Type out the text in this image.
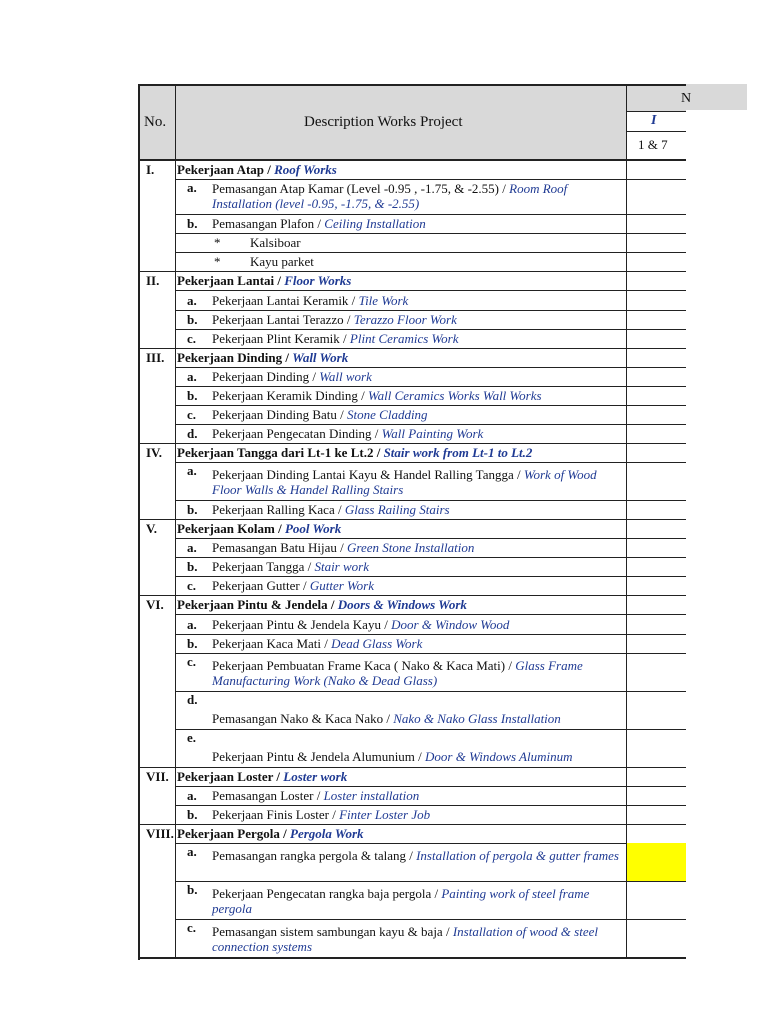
I. Pekerjaan Atap / Roof Works
a. Pemasangan Atap Kamar (Level -0.95 , -1.75, & -2.55) / Room Roof Installation (level -0.95, -1.75, & -2.55)
b. Pemasangan Plafon / Ceiling Installation
* Kalsiboar
* Kayu parket
II. Pekerjaan Lantai / Floor Works
a. Pekerjaan Lantai Keramik / Tile Work
b. Pekerjaan Lantai Terazzo / Terazzo Floor Work
c. Pekerjaan Plint Keramik / Plint Ceramics Work
III. Pekerjaan Dinding / Wall Work
a. Pekerjaan Dinding / Wall work
b. Pekerjaan Keramik Dinding / Wall Ceramics Works Wall Works
c. Pekerjaan Dinding Batu / Stone Cladding
d. Pekerjaan Pengecatan Dinding / Wall Painting Work
IV. Pekerjaan Tangga dari Lt-1 ke Lt.2 / Stair work from Lt-1 to Lt.2
a. Pekerjaan Dinding Lantai Kayu & Handel Ralling Tangga / Work of Wood Floor Walls & Handel Ralling Stairs
b. Pekerjaan Ralling Kaca / Glass Railing Stairs
V. Pekerjaan Kolam / Pool Work
a. Pemasangan Batu Hijau / Green Stone Installation
b. Pekerjaan Tangga / Stair work
c. Pekerjaan Gutter / Gutter Work
VI. Pekerjaan Pintu & Jendela / Doors & Windows Work
a. Pekerjaan Pintu & Jendela Kayu / Door & Window Wood
b. Pekerjaan Kaca Mati / Dead Glass Work
c. Pekerjaan Pembuatan Frame Kaca ( Nako & Kaca Mati) / Glass Frame Manufacturing Work (Nako & Dead Glass)
d.
Pemasangan Nako & Kaca Nako / Nako & Nako Glass Installation
e.
Pekerjaan Pintu & Jendela Alumunium / Door & Windows Aluminum
VII. Pekerjaan Loster / Loster work
a. Pemasangan Loster / Loster installation
b. Pekerjaan Finis Loster / Finter Loster Job
VIII. Pekerjaan Pergola / Pergola Work
a. Pemasangan rangka pergola & talang / Installation of pergola & gutter frames
b. Pekerjaan Pengecatan rangka baja pergola / Painting work of steel frame pergola
c. Pemasangan sistem sambungan kayu & baja / Installation of wood & steel connection systems
No.	Description Works Project
N
I
1 & 7
